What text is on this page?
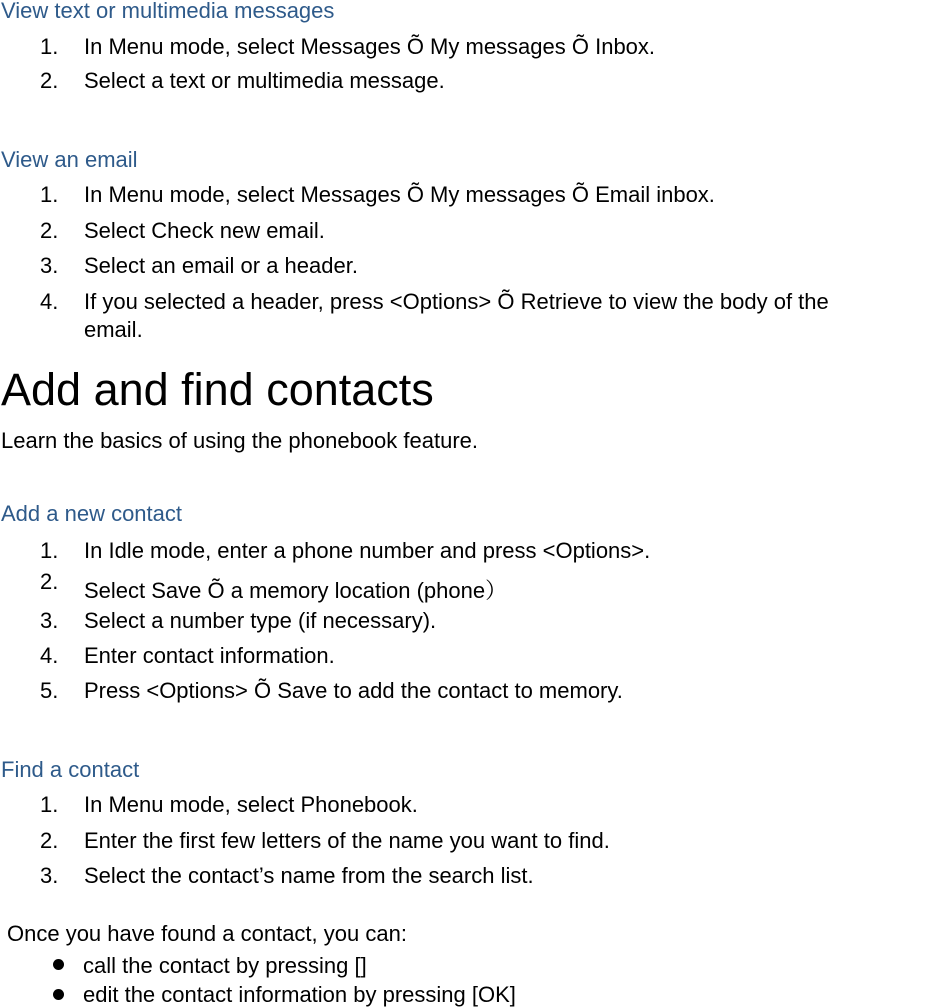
View text or multimedia messages
1. In Menu mode, select Messages Õ My messages Õ Inbox.
2. Select a text or multimedia message.
View an email
1. In Menu mode, select Messages Õ My messages Õ Email inbox.
2. Select Check new email.
3. Select an email or a header.
4. If you selected a header, press <Options> Õ Retrieve to view the body of the
email.
Add and find contacts
Learn the basics of using the phonebook feature.
Add a new contact
1. In Idle mode, enter a phone number and press <Options>.
2. Select Save Õ a memory location (phone）
3. Select a number type (if necessary).
4. Enter contact information.
5. Press <Options> Õ Save to add the contact to memory.
Find a contact
1. In Menu mode, select Phonebook.
2. Enter the first few letters of the name you want to find.
3. Select the contact’s name from the search list.
Once you have found a contact, you can:
call the contact by pressing []
edit the contact information by pressing [OK]
